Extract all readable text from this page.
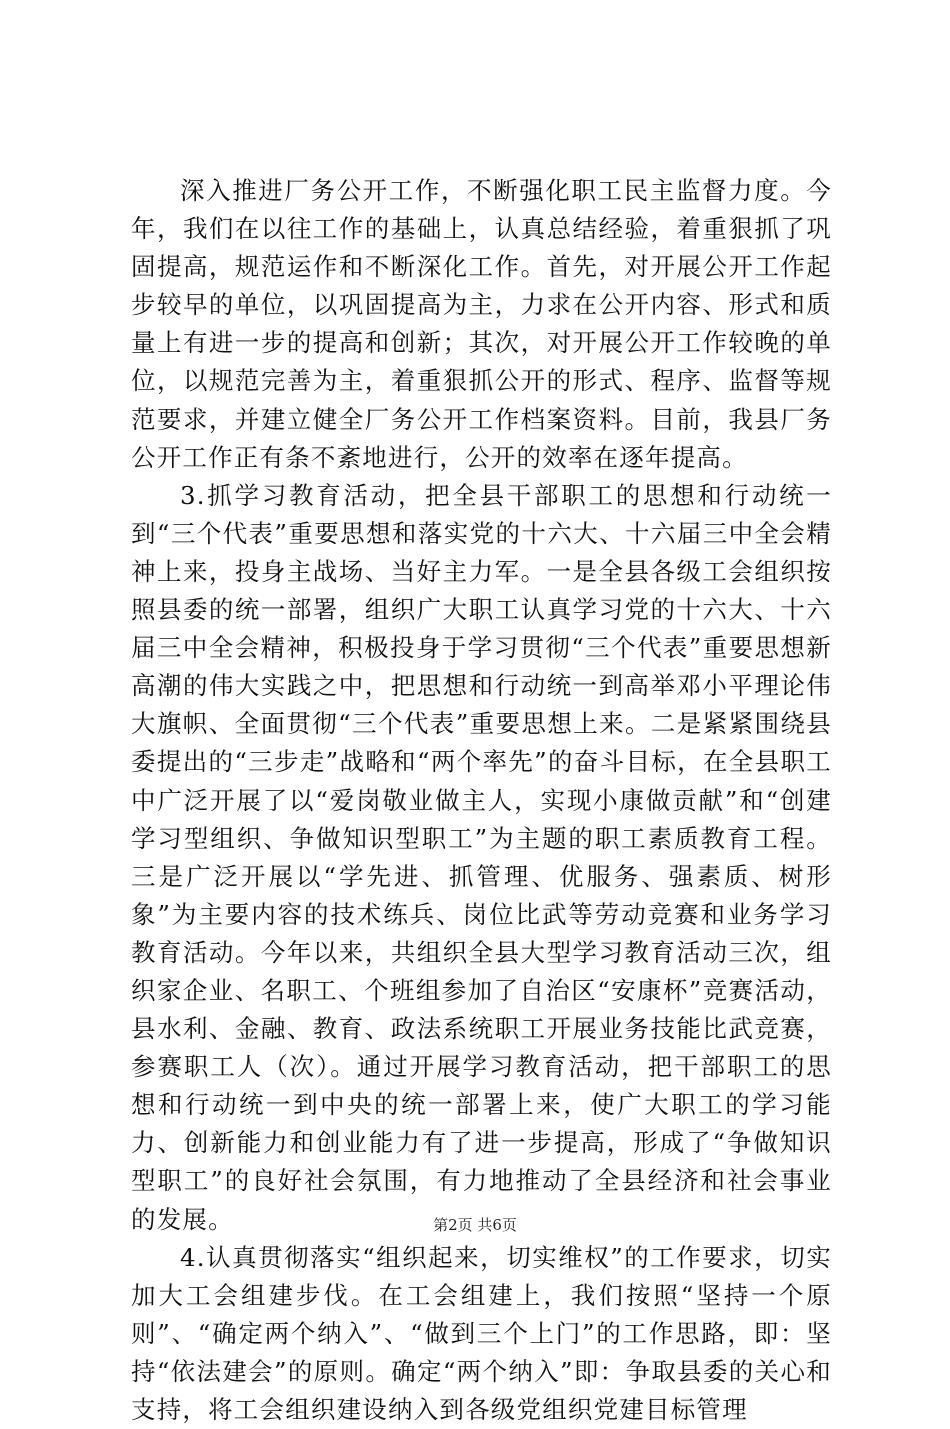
深入推进厂务公开工作，不断强化职工民主监督力度。今年，我们在以往工作的基础上，认真总结经验，着重狠抓了巩固提高，规范运作和不断深化工作。首先，对开展公开工作起步较早的单位，以巩固提高为主，力求在公开内容、形式和质量上有进一步的提高和创新；其次，对开展公开工作较晚的单位，以规范完善为主，着重狠抓公开的形式、程序、监督等规范要求，并建立健全厂务公开工作档案资料。目前，我县厂务公开工作正有条不紊地进行，公开的效率在逐年提高。

3.抓学习教育活动，把全县干部职工的思想和行动统一到“三个代表”重要思想和落实党的十六大、十六届三中全会精神上来，投身主战场、当好主力军。一是全县各级工会组织按照县委的统一部署，组织广大职工认真学习党的十六大、十六届三中全会精神，积极投身于学习贯彻“三个代表”重要思想新高潮的伟大实践之中，把思想和行动统一到高举邓小平理论伟大旗帜、全面贯彻“三个代表”重要思想上来。二是紧紧围绕县委提出的“三步走”战略和“两个率先”的奋斗目标，在全县职工中广泛开展了以“爱岗敬业做主人，实现小康做贡献”和“创建学习型组织、争做知识型职工”为主题的职工素质教育工程。三是广泛开展以“学先进、抓管理、优服务、强素质、树形象”为主要内容的技术练兵、岗位比武等劳动竞赛和业务学习教育活动。今年以来，共组织全县大型学习教育活动三次，组织家企业、名职工、个班组参加了自治区“安康杯”竞赛活动，县水利、金融、教育、政法系统职工开展业务技能比武竞赛，参赛职工人（次）。通过开展学习教育活动，把干部职工的思想和行动统一到中央的统一部署上来，使广大职工的学习能力、创新能力和创业能力有了进一步提高，形成了“争做知识型职工”的良好社会氛围，有力地推动了全县经济和社会事业的发展。

4.认真贯彻落实“组织起来，切实维权”的工作要求，切实加大工会组建步伐。在工会组建上，我们按照“坚持一个原则”、“确定两个纳入”、“做到三个上门”的工作思路，即：坚持“依法建会”的原则。确定“两个纳入”即：争取县委的关心和支持，将工会组织建设纳入到各级党组织党建目标管理

第2页 共6页
